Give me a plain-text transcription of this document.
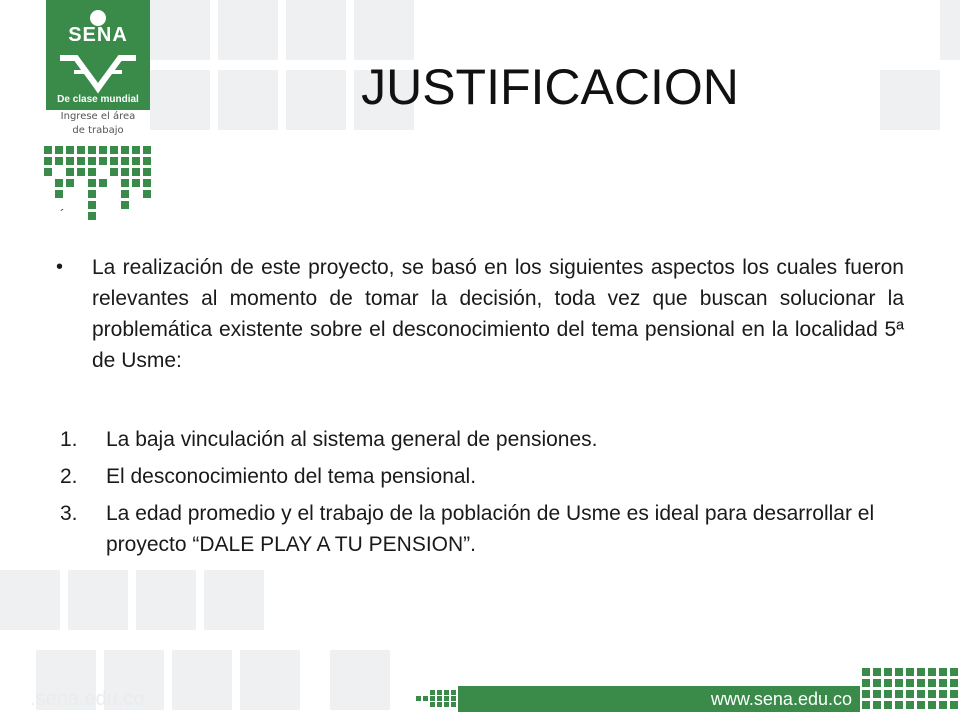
SENA
De clase mundial
Ingrese el área
de trabajo
JUSTIFICACION
´
• La realización de este proyecto, se basó en los siguientes aspectos los cuales fueron relevantes al momento de tomar la decisión, toda vez que buscan solucionar la problemática existente sobre el desconocimiento del tema pensional en la localidad 5ª de Usme:
1. La baja vinculación al sistema general de pensiones.
2. El desconocimiento del tema pensional.
3. La edad promedio y el trabajo de la población de Usme es ideal para desarrollar el proyecto “DALE PLAY A TU PENSION”.
.sena.edu.co	www.sena.edu.co
